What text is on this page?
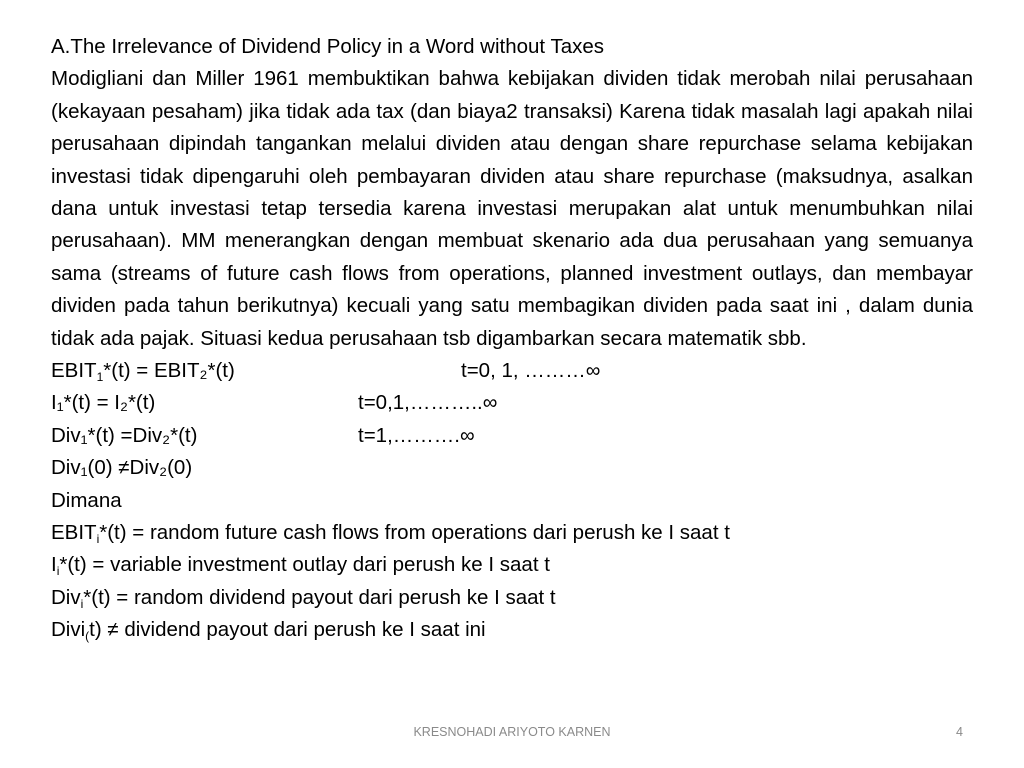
A.The Irrelevance of Dividend Policy in a Word without Taxes
Modigliani dan Miller 1961 membuktikan bahwa kebijakan dividen tidak merobah nilai perusahaan (kekayaan pesaham) jika tidak ada tax (dan biaya2 transaksi) Karena tidak masalah lagi apakah nilai perusahaan dipindah tangankan melalui dividen atau dengan share repurchase selama kebijakan investasi tidak dipengaruhi oleh pembayaran dividen atau share repurchase (maksudnya, asalkan dana untuk investasi tetap tersedia karena investasi merupakan alat untuk menumbuhkan nilai perusahaan). MM menerangkan dengan membuat skenario ada dua perusahaan yang semuanya sama (streams of future cash flows from operations, planned investment outlays, dan membayar dividen pada tahun berikutnya) kecuali yang satu membagikan dividen pada saat ini , dalam dunia tidak ada pajak. Situasi kedua perusahaan tsb digambarkan secara matematik sbb.
$EBIT_1*(t)$ = EBIT₂*(t)	t=0, 1, ………∞
I₁*(t) = I₂*(t)	t=0,1,………..∞
Div₁*(t) =Div₂*(t)	t=1,……….∞
Div₁(0) ≠Div₂(0)
Dimana
$EBIT_i*(t)$ = random future cash flows from operations dari perush ke I saat t
$I_i*(t)$ = variable investment outlay dari perush ke I saat t
Div$_i$*(t) = random dividend payout dari perush ke I saat t
Divi$_($t) ≠ dividend payout dari perush ke I saat ini
KRESNOHADI ARIYOTO KARNEN	4
